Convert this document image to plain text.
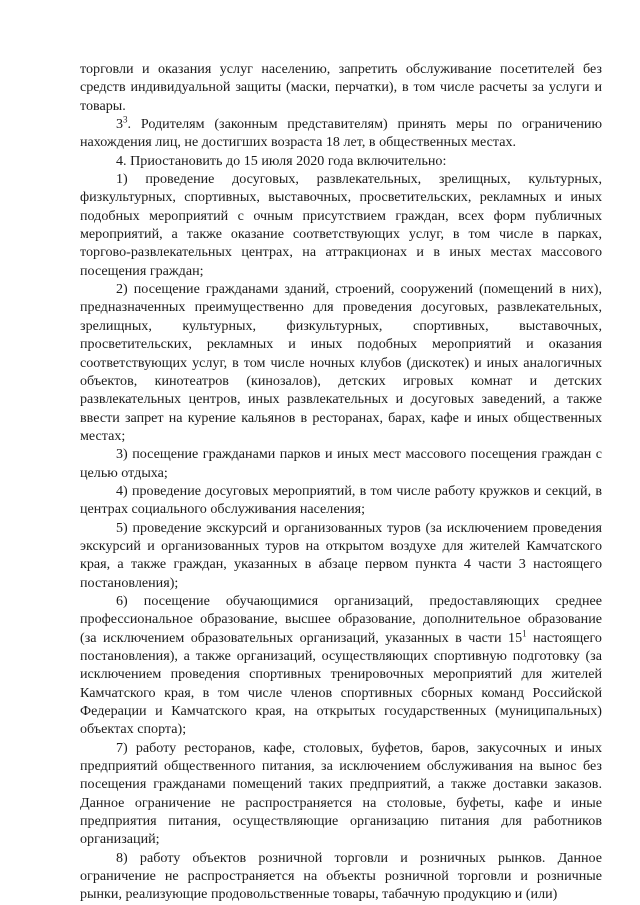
торговли и оказания услуг населению, запретить обслуживание посетителей без средств индивидуальной защиты (маски, перчатки), в том числе расчеты за услуги и товары.

$3^3$. Родителям (законным представителям) принять меры по ограничению нахождения лиц, не достигших возраста 18 лет, в общественных местах.

4. Приостановить до 15 июля 2020 года включительно:

1) проведение досуговых, развлекательных, зрелищных, культурных, физкультурных, спортивных, выставочных, просветительских, рекламных и иных подобных мероприятий с очным присутствием граждан, всех форм публичных мероприятий, а также оказание соответствующих услуг, в том числе в парках, торгово-развлекательных центрах, на аттракционах и в иных местах массового посещения граждан;

2) посещение гражданами зданий, строений, сооружений (помещений в них), предназначенных преимущественно для проведения досуговых, развлекательных, зрелищных, культурных, физкультурных, спортивных, выставочных, просветительских, рекламных и иных подобных мероприятий и оказания соответствующих услуг, в том числе ночных клубов (дискотек) и иных аналогичных объектов, кинотеатров (кинозалов), детских игровых комнат и детских развлекательных центров, иных развлекательных и досуговых заведений, а также ввести запрет на курение кальянов в ресторанах, барах, кафе и иных общественных местах;

3) посещение гражданами парков и иных мест массового посещения граждан с целью отдыха;

4) проведение досуговых мероприятий, в том числе работу кружков и секций, в центрах социального обслуживания населения;

5) проведение экскурсий и организованных туров (за исключением проведения экскурсий и организованных туров на открытом воздухе для жителей Камчатского края, а также граждан, указанных в абзаце первом пункта 4 части 3 настоящего постановления);

6) посещение обучающимися организаций, предоставляющих среднее профессиональное образование, высшее образование, дополнительное образование (за исключением образовательных организаций, указанных в части $15^1$ настоящего постановления), а также организаций, осуществляющих спортивную подготовку (за исключением проведения спортивных тренировочных мероприятий для жителей Камчатского края, в том числе членов спортивных сборных команд Российской Федерации и Камчатского края, на открытых государственных (муниципальных) объектах спорта);

7) работу ресторанов, кафе, столовых, буфетов, баров, закусочных и иных предприятий общественного питания, за исключением обслуживания на вынос без посещения гражданами помещений таких предприятий, а также доставки заказов. Данное ограничение не распространяется на столовые, буфеты, кафе и иные предприятия питания, осуществляющие организацию питания для работников организаций;

8) работу объектов розничной торговли и розничных рынков. Данное ограничение не распространяется на объекты розничной торговли и розничные рынки, реализующие продовольственные товары, табачную продукцию и (или)
